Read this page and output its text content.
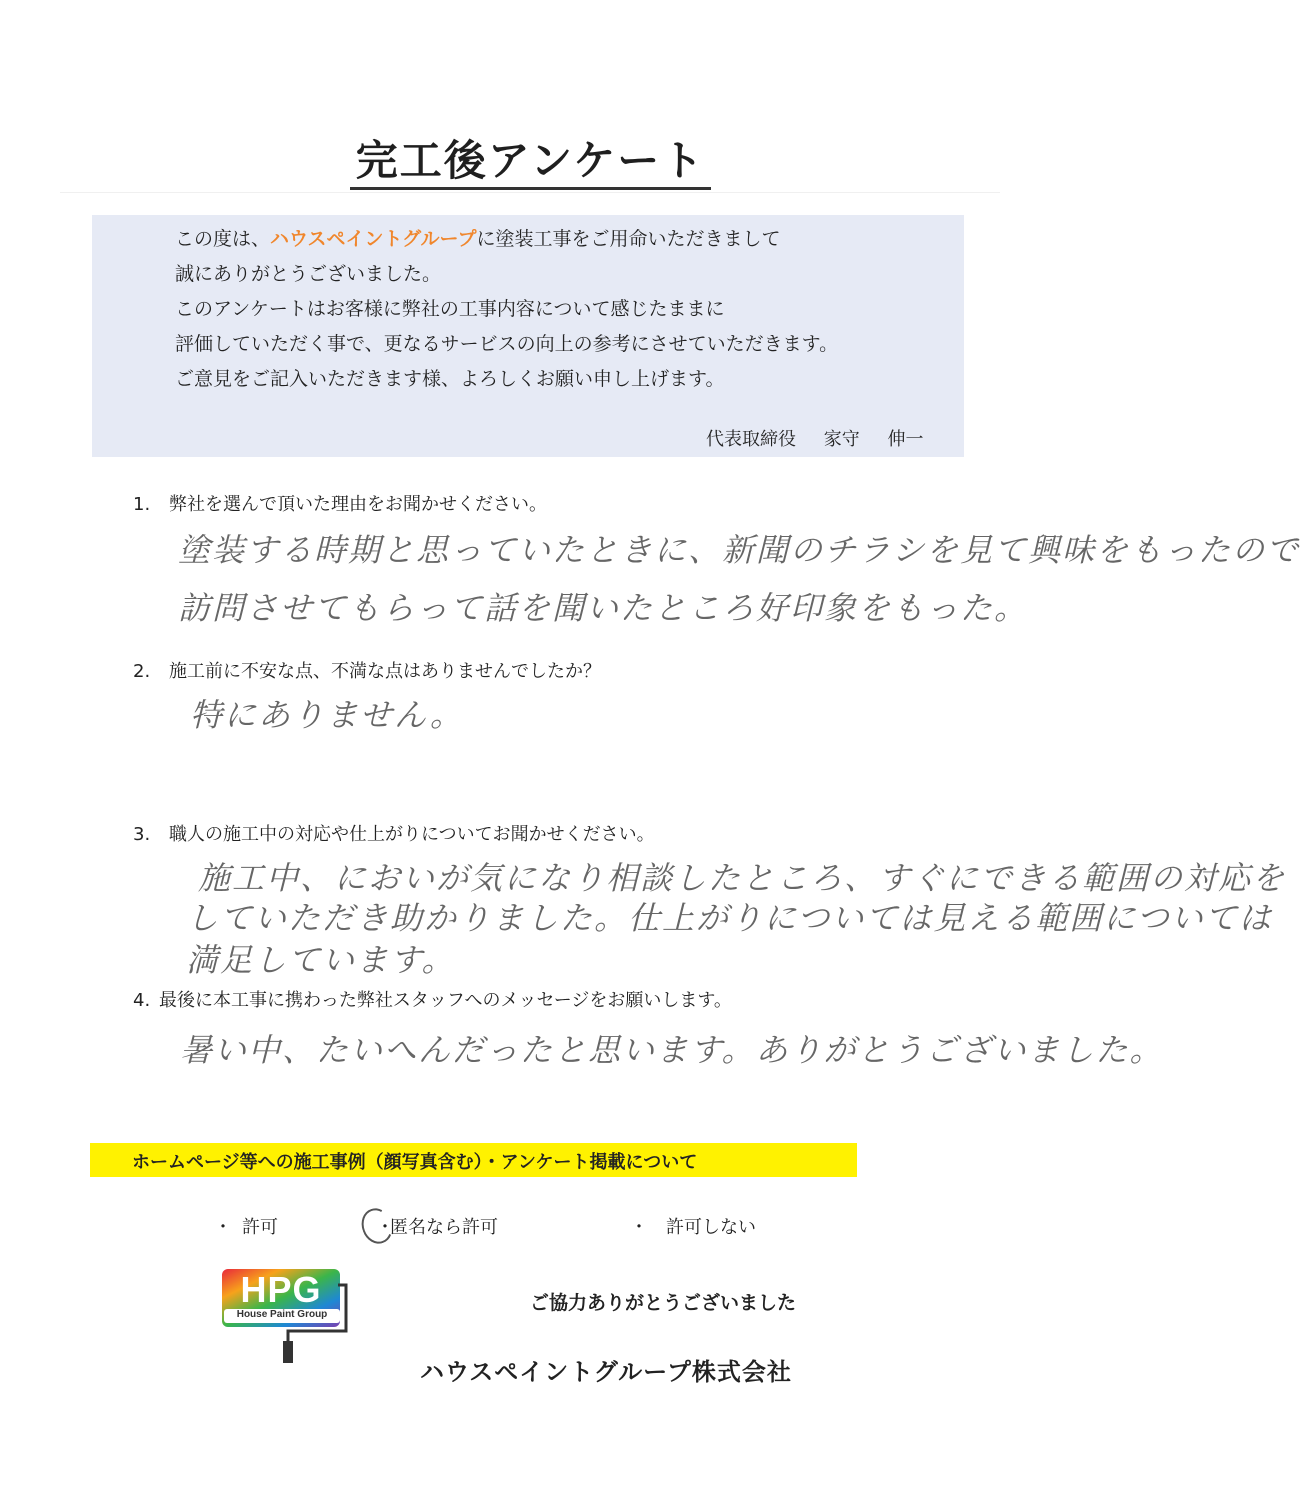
完工後アンケート
この度は、ハウスペイントグループに塗装工事をご用命いただきまして
誠にありがとうございました。
このアンケートはお客様に弊社の工事内容について感じたままに
評価していただく事で、更なるサービスの向上の参考にさせていただきます。
ご意見をご記入いただきます様、よろしくお願い申し上げます。
代表取締役 家守 伸一
1. 弊社を選んで頂いた理由をお聞かせください。
塗装する時期と思っていたときに、新聞のチラシを見て興味をもったので
訪問させてもらって話を聞いたところ好印象をもった。
2. 施工前に不安な点、不満な点はありませんでしたか？
特にありません。
3. 職人の施工中の対応や仕上がりについてお聞かせください。
施工中、においが気になり相談したところ、すぐにできる範囲の対応を
していただき助かりました。仕上がりについては見える範囲については
満足しています。
4. 最後に本工事に携わった弊社スタッフへのメッセージをお願いします。
暑い中、たいへんだったと思います。ありがとうございました。
ホームページ等への施工事例（顔写真含む）・アンケート掲載について
・ 許可	・匿名なら許可	・ 許可しない
HPG
House Paint Group
ご協力ありがとうございました
ハウスペイントグループ株式会社
